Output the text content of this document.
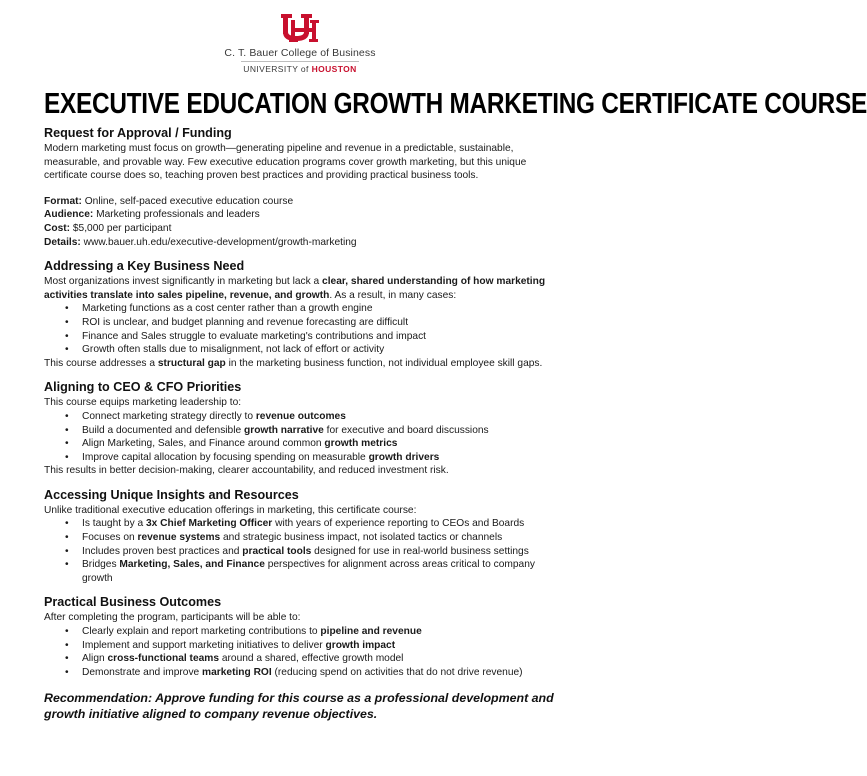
C. T. Bauer College of Business
UNIVERSITY of HOUSTON
EXECUTIVE EDUCATION GROWTH MARKETING CERTIFICATE COURSE
Request for Approval / Funding

Modern marketing must focus on growth—generating pipeline and revenue in a predictable, sustainable, measurable, and provable way. Few executive education programs cover growth marketing, but this unique certificate course does so, teaching proven best practices and providing practical business tools.

Format: Online, self-paced executive education course

Audience: Marketing professionals and leaders

Cost: $5,000 per participant

Details: www.bauer.uh.edu/executive-development/growth-marketing

Addressing a Key Business Need

Most organizations invest significantly in marketing but lack a clear, shared understanding of how marketing activities translate into sales pipeline, revenue, and growth. As a result, in many cases:

• Marketing functions as a cost center rather than a growth engine
• ROI is unclear, and budget planning and revenue forecasting are difficult
• Finance and Sales struggle to evaluate marketing's contributions and impact
• Growth often stalls due to misalignment, not lack of effort or activity

This course addresses a structural gap in the marketing business function, not individual employee skill gaps.

Aligning to CEO & CFO Priorities

This course equips marketing leadership to:

• Connect marketing strategy directly to revenue outcomes
• Build a documented and defensible growth narrative for executive and board discussions
• Align Marketing, Sales, and Finance around common growth metrics
• Improve capital allocation by focusing spending on measurable growth drivers

This results in better decision-making, clearer accountability, and reduced investment risk.

Accessing Unique Insights and Resources

Unlike traditional executive education offerings in marketing, this certificate course:

• Is taught by a 3x Chief Marketing Officer with years of experience reporting to CEOs and Boards
• Focuses on revenue systems and strategic business impact, not isolated tactics or channels
• Includes proven best practices and practical tools designed for use in real-world business settings
• Bridges Marketing, Sales, and Finance perspectives for alignment across areas critical to company growth
Practical Business Outcomes

After completing the program, participants will be able to:

• Clearly explain and report marketing contributions to pipeline and revenue
• Implement and support marketing initiatives to deliver growth impact
• Align cross-functional teams around a shared, effective growth model
• Demonstrate and improve marketing ROI (reducing spend on activities that do not drive revenue)

Recommendation: Approve funding for this course as a professional development and growth initiative aligned to company revenue objectives.
